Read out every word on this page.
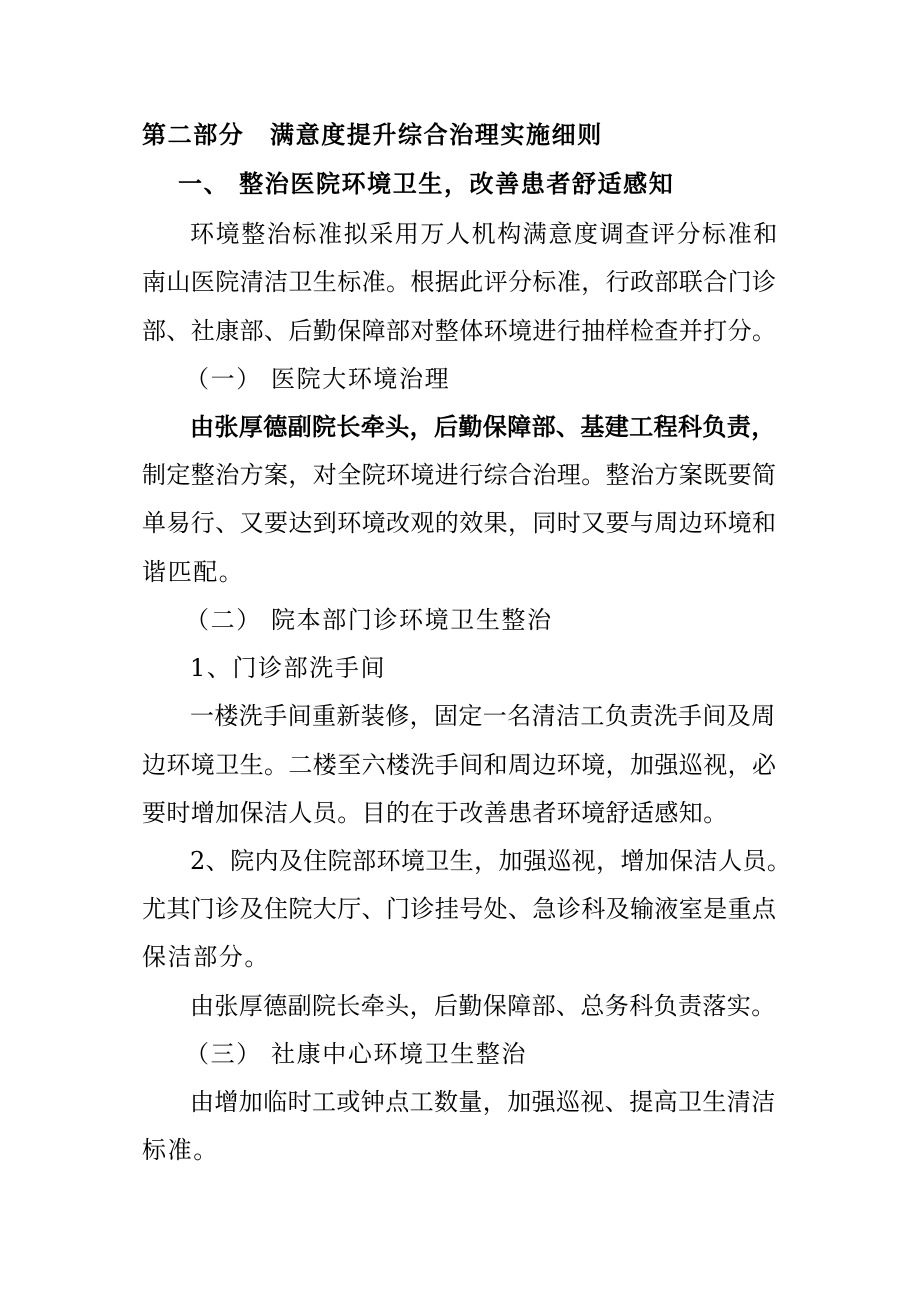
第二部分　满意度提升综合治理实施细则
一、 整治医院环境卫生，改善患者舒适感知
环境整治标准拟采用万人机构满意度调查评分标准和
南山医院清洁卫生标准。根据此评分标准，行政部联合门诊
部、社康部、后勤保障部对整体环境进行抽样检查并打分。
（一） 医院大环境治理
由张厚德副院长牵头，后勤保障部、基建工程科负责，
制定整治方案，对全院环境进行综合治理。整治方案既要简
单易行、又要达到环境改观的效果，同时又要与周边环境和
谐匹配。
（二） 院本部门诊环境卫生整治
1、门诊部洗手间
一楼洗手间重新装修，固定一名清洁工负责洗手间及周
边环境卫生。二楼至六楼洗手间和周边环境，加强巡视，必
要时增加保洁人员。目的在于改善患者环境舒适感知。
2、院内及住院部环境卫生，加强巡视，增加保洁人员。
尤其门诊及住院大厅、门诊挂号处、急诊科及输液室是重点
保洁部分。
由张厚德副院长牵头，后勤保障部、总务科负责落实。
（三） 社康中心环境卫生整治
由增加临时工或钟点工数量，加强巡视、提高卫生清洁
标准。
